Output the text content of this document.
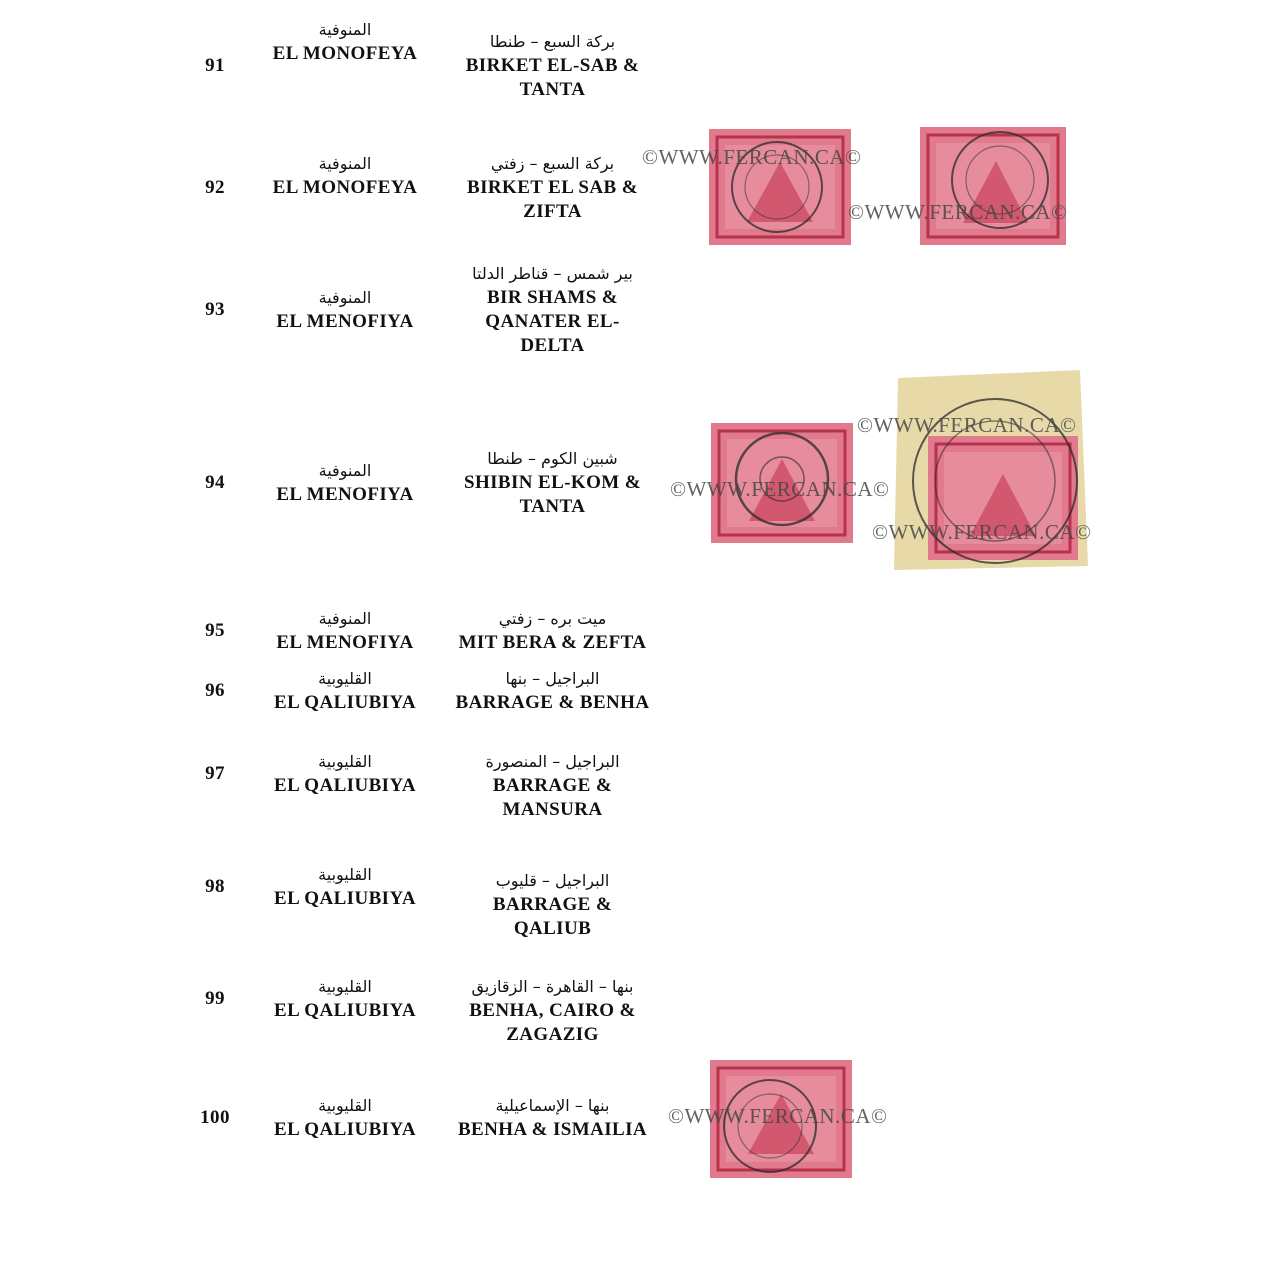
91
المنوفية
EL MONOFEYA
بركة السبع – طنطا
BIRKET EL-SAB & TANTA
92
المنوفية
EL MONOFEYA
بركة السبع – زفتي
BIRKET EL SAB & ZIFTA
93
المنوفية
EL MENOFIYA
بير شمس – قناطر الدلتا
BIR SHAMS & QANATER EL-DELTA
94
المنوفية
EL MENOFIYA
شبين الكوم – طنطا
SHIBIN EL-KOM & TANTA
95
المنوفية
EL MENOFIYA
ميت بره – زفتي
MIT BERA & ZEFTA
96
القليوبية
EL QALIUBIYA
البراجيل – بنها
BARRAGE & BENHA
97
القليوبية
EL QALIUBIYA
البراجيل – المنصورة
BARRAGE & MANSURA
98
القليوبية
EL QALIUBIYA
البراجيل – قليوب
BARRAGE & QALIUB
99
القليوبية
EL QALIUBIYA
بنها – القاهرة – الزقازيق
BENHA, CAIRO & ZAGAZIG
100
القليوبية
EL QALIUBIYA
بنها – الإسماعيلية
BENHA & ISMAILIA
©WWW.FERCAN.CA©
©WWW.FERCAN.CA©
©WWW.FERCAN.CA©
©WWW.FERCAN.CA©
©WWW.FERCAN.CA©
©WWW.FERCAN.CA©
